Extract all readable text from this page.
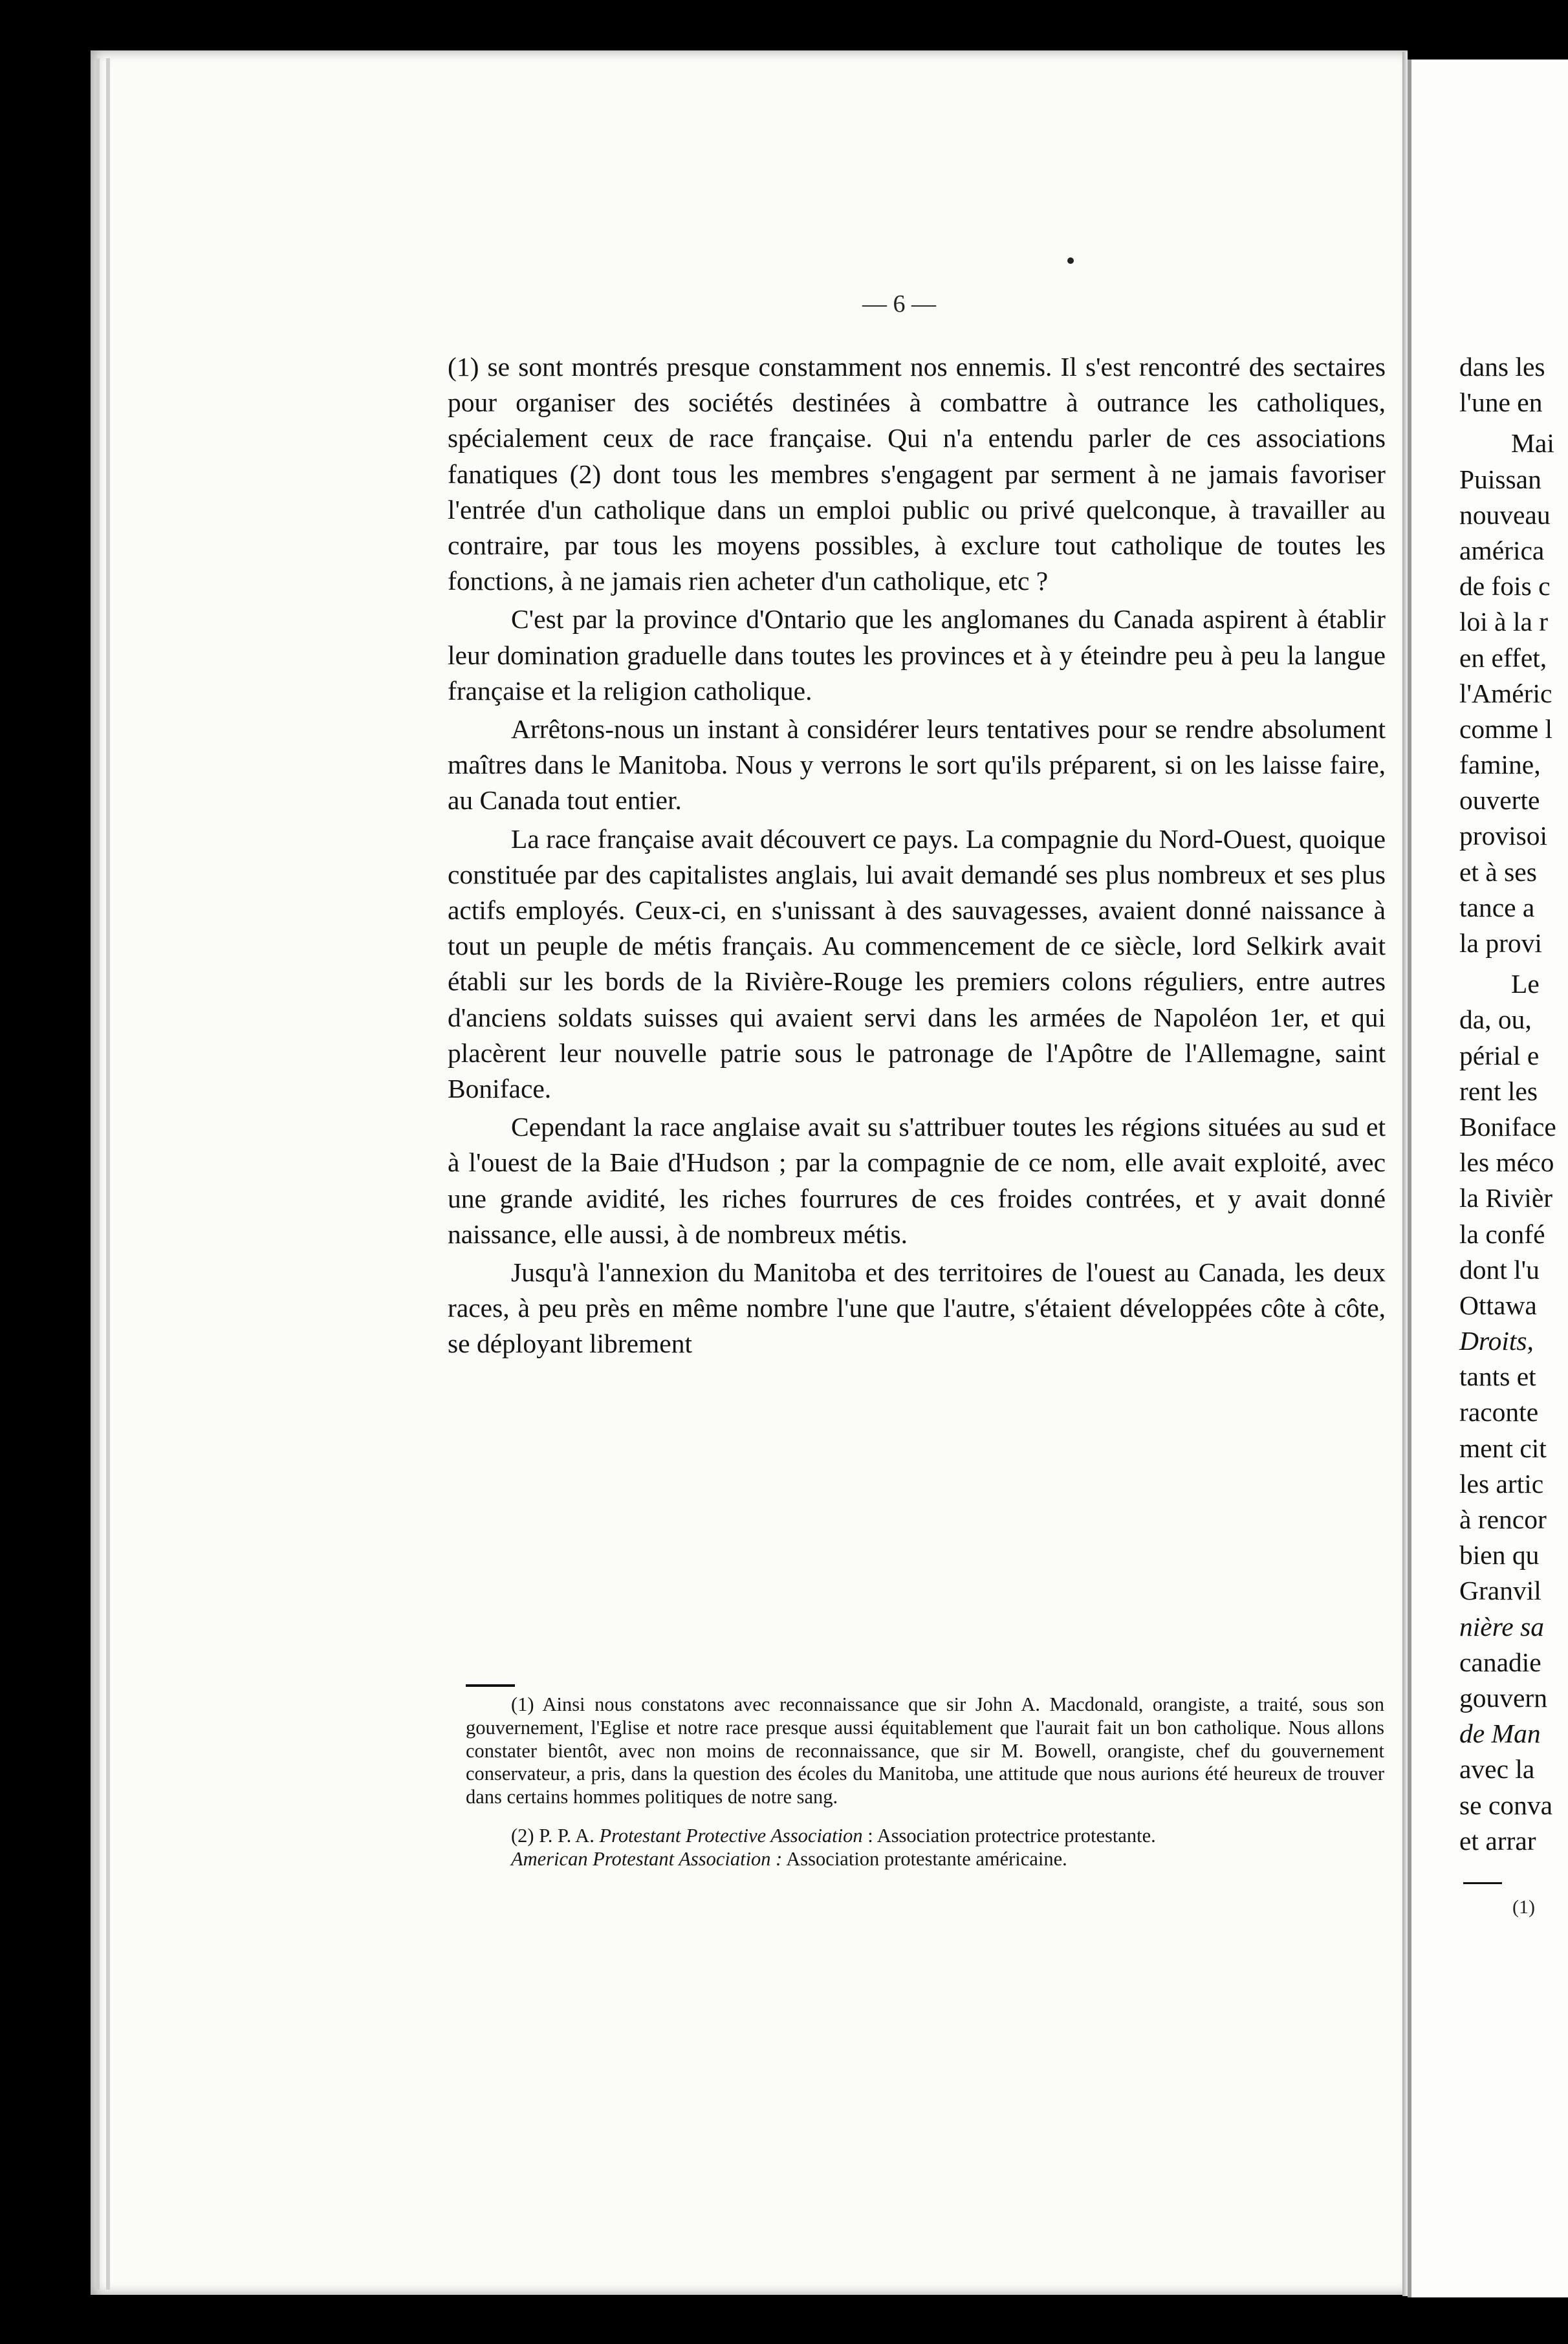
— 6 —

(1) se sont montrés presque constamment nos ennemis. Il s'est rencontré des sectaires pour organiser des sociétés destinées à combattre à outrance les catholiques, spécialement ceux de race française. Qui n'a entendu parler de ces associations fanatiques (2) dont tous les membres s'engagent par serment à ne jamais favoriser l'entrée d'un catholique dans un emploi public ou privé quelconque, à travailler au contraire, par tous les moyens possibles, à exclure tout catholique de toutes les fonctions, à ne jamais rien acheter d'un catholique, etc ?

C'est par la province d'Ontario que les anglomanes du Canada aspirent à établir leur domination graduelle dans toutes les provinces et à y éteindre peu à peu la langue française et la religion catholique.

Arrêtons-nous un instant à considérer leurs tentatives pour se rendre absolument maîtres dans le Manitoba. Nous y verrons le sort qu'ils préparent, si on les laisse faire, au Canada tout entier.

La race française avait découvert ce pays. La compagnie du Nord-Ouest, quoique constituée par des capitalistes anglais, lui avait demandé ses plus nombreux et ses plus actifs employés. Ceux-ci, en s'unissant à des sauvagesses, avaient donné naissance à tout un peuple de métis français. Au commencement de ce siècle, lord Selkirk avait établi sur les bords de la Rivière-Rouge les premiers colons réguliers, entre autres d'anciens soldats suisses qui avaient servi dans les armées de Napoléon 1er, et qui placèrent leur nouvelle patrie sous le patronage de l'Apôtre de l'Allemagne, saint Boniface.

Cependant la race anglaise avait su s'attribuer toutes les régions situées au sud et à l'ouest de la Baie d'Hudson ; par la compagnie de ce nom, elle avait exploité, avec une grande avidité, les riches fourrures de ces froides contrées, et y avait donné naissance, elle aussi, à de nombreux métis.

Jusqu'à l'annexion du Manitoba et des territoires de l'ouest au Canada, les deux races, à peu près en même nombre l'une que l'autre, s'étaient développées côte à côte, se déployant librement

(1) Ainsi nous constatons avec reconnaissance que sir John A. Macdonald, orangiste, a traité, sous son gouvernement, l'Eglise et notre race presque aussi équitablement que l'aurait fait un bon catholique. Nous allons constater bientôt, avec non moins de reconnaissance, que sir M. Bowell, orangiste, chef du gouvernement conservateur, a pris, dans la question des écoles du Manitoba, une attitude que nous aurions été heureux de trouver dans certains hommes politiques de notre sang.

(2) P. P. A. Protestant Protective Association : Association protectrice protestante.

American Protestant Association : Association protestante américaine.

dans les
l'une en
Mai
Puissan
nouveau
américa
de fois c
loi à la r
en effet,
l'Améric
comme l
famine,
ouverte
provisoi
et à ses
tance a
la provi
Le
da, ou,
périal e
rent les
Boniface
les méco
la Rivièr
la confé
dont l'u
Ottawa
Droits,
tants et
raconte
ment cit
les artic
à rencor
bien qu
Granvil
nière sa
canadie
gouvern
de Man
avec la
se conva
et arrar
(1)
